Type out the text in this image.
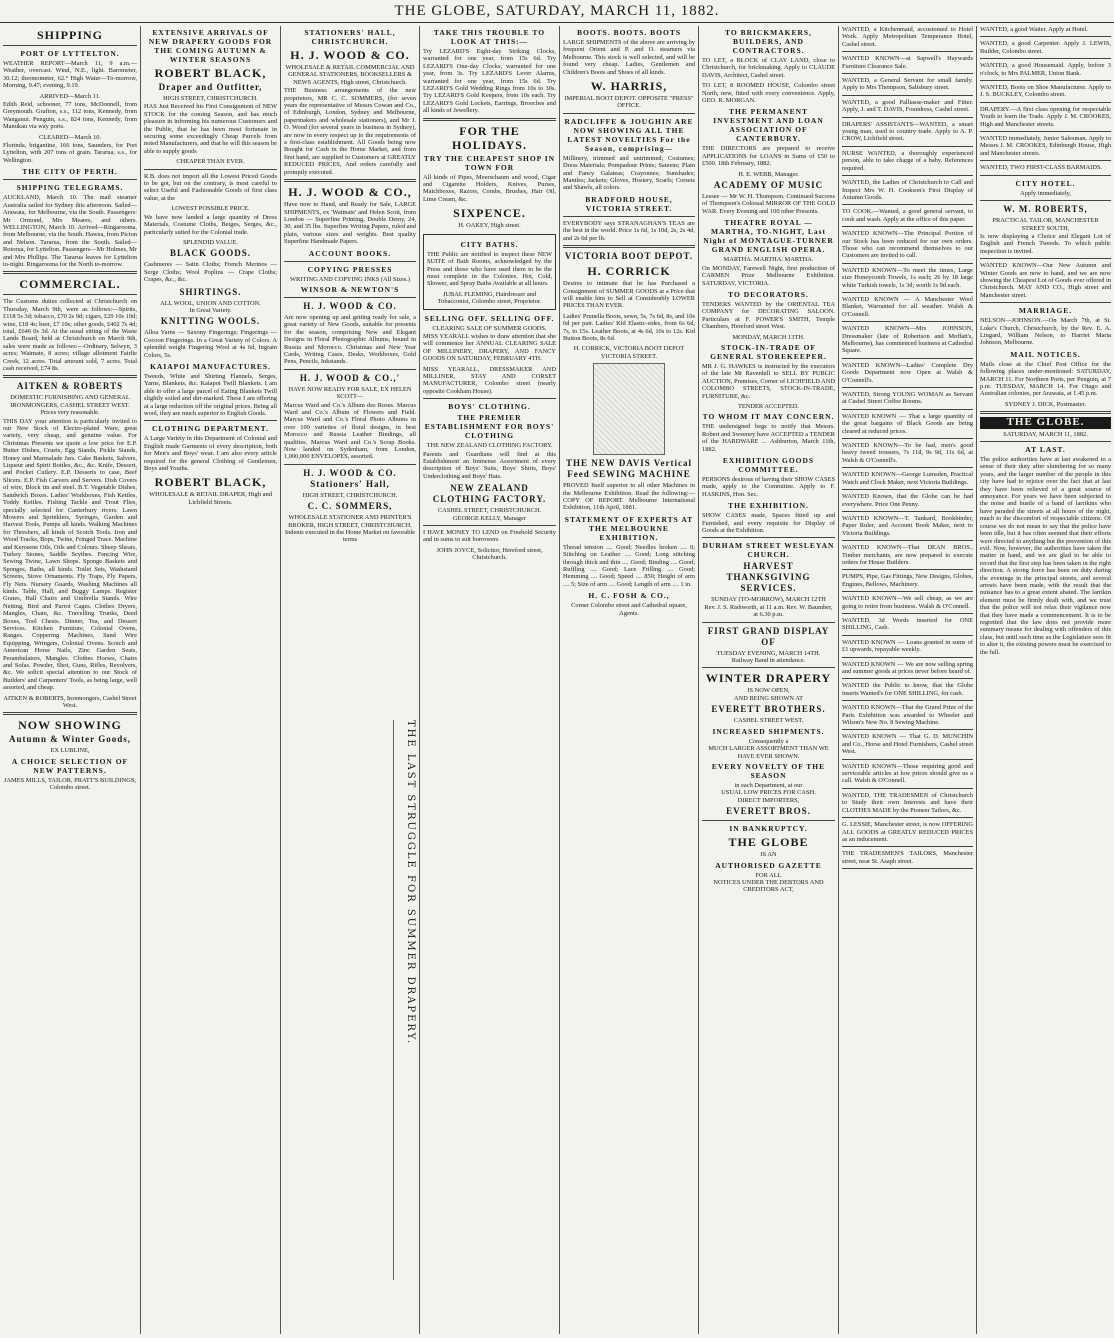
THE GLOBE, SATURDAY, MARCH 11, 1882.
SHIPPING
PORT OF LYTTELTON.
WEATHER REPORT—March 11, 9 a.m.—Weather, overcast. Wind, N.E., light. Barometer, 30.12; thermometer, 62.° High Water—To-morrow, Morning, 9.47; evening, 9.19.
ARRIVED—March 11.
Edith Reid, schooner, 77 tons, McDonnell, from Greymouth. Grafton, s.s., 112 tons, Kennedy, from Wanganui. Penguin, s.s., 824 tons, Kennedy, from Manukau via way ports.
CLEARED—March 10.
Florinda, brigantine, 166 tons, Saunders, for Port Lyttelton, with 207 tons of grain. Tararua, s.s., for Wellington.
THE CITY OF PERTH.
SHIPPING TELEGRAMS.
AUCKLAND, March 10. The mail steamer Australia sailed for Sydney this afternoon. Sailed—Arawata, for Melbourne, via the South. Passengers: Mr Ormond, Mrs Meares, and others. WELLINGTON, March 10. Arrived—Ringarooma, from Melbourne, via the South. Hawea, from Picton and Nelson. Tararua, from the South. Sailed—Rotorua, for Lyttelton. Passengers—Mr Holmes, Mr and Mrs Phillips. The Tararua leaves for Lyttelton to-night. Ringarooma for the North to-morrow.
COMMERCIAL.
The Customs duties collected at Christchurch on Thursday, March 9th, were as follows:—Spirits, £118 5s 3d; tobacco, £70 2s 9d; cigars, £29 10s 10d; wine, £18 4s; beer, £7 10s; other goods, £402 7s 4d; total, £646 0s 3d. At the usual sitting of the Waste Lands Board, held at Christchurch on March 9th, sales were made as follows:—Ordinary, Selwyn, 3 acres; Waimate, 8 acres; village allotment Fairlie Creek, 12 acres. Total amount sold, 7 acres. Total cash received, £74 8s.
AITKEN & ROBERTS
DOMESTIC FURNISHING AND GENERAL IRONMONGERS, CASHEL STREET WEST.
Prices very reasonable.
THIS DAY your attention is particularly invited to our New Stock of Electro-plated Ware, great variety, very cheap, and genuine value. For Christmas Presents we quote a low price for E.P. Butter Dishes, Cruets, Egg Stands, Pickle Stands, Honey and Marmalade Jars. Cake Baskets, Salvers, Liqueur and Spirit Bottles, &c., &c. Knife, Dessert, and Pocket Cutlery. E.P. Desserts to case, Beef Slicers. E.P. Fish Carvers and Servers. Dish Covers of wire, Block tin and steel. B.T. Vegetable Dishes, Sandwich Boxes. Ladies' Workboxes, Fish Kettles, Toddy Kettles. Fishing Tackle and Trout Flies, specially selected for Canterbury rivers. Lawn Mowers and Sprinklers, Syringes, Garden and Harvest Tools, Pumps all kinds. Walking Machines for Threshers, all kinds of Scotch Tools. Iron and Wood Tracks, Bops, Twine, Fringed Trace. Machine and Kerosene Oils, Oils and Colours. Sheep Shears, Turkey Stones, Saddle Scythes. Fencing Wire, Sewing Twine, Lawn Shops. Sponge Baskets and Sponges, Baths, all kinds. Toilet Sets, Washstand Screens, Stove Ornaments. Fly Traps, Fly Papers, Fly Nets. Nursery Guards, Washing Machines all kinds. Table, Hall, and Buggy Lamps. Register Grates, Hall Chairs and Umbrella Stands. Wire Netting, Bird and Parrot Cages. Clothes Dryers, Mangles, Chain, &c. Travelling Trunks, Deed Boxes, Tool Chests. Dinner, Tea, and Dessert Services. Kitchen Furniture, Colonial Ovens, Ranges. Coppering Machines, Sand Wire Equipping, Wringers, Colonial Ovens. Scotch and American Horse Nails, Zinc Garden Seats, Perambulators, Mangles. Clothes Horses, Chairs and Sofas. Powder, Shot, Guns, Rifles, Revolvers, &c. We solicit special attention to our Stock of Builders' and Carpenters' Tools, as being large, well assorted, and cheap.
AITKEN & ROBERTS, Ironmongers, Cashel Street West.
NOW SHOWING
Autumn & Winter Goods,
EX LUBLINE,
A CHOICE SELECTION OF NEW PATTERNS.
JAMES MILLS, TAILOR, PRATT'S BUILDINGS, Colombo street.
EXTENSIVE ARRIVALS OF NEW DRAPERY GOODS FOR THE COMING AUTUMN & WINTER SEASONS
ROBERT BLACK,
Draper and Outfitter,
HIGH STREET, CHRISTCHURCH.
HAS Just Received his First Consignment of NEW STOCK for the coming Season, and has much pleasure in informing his numerous Customers and the Public, that he has been most fortunate in securing some exceedingly Cheap Parcels from noted Manufacturers, and that he will this season be able to supply goods
CHEAPER THAN EVER.
R.B. does not import all the Lowest Priced Goods to be got, but on the contrary, is most careful to select Useful and Fashionable Goods of first class value, at the
LOWEST POSSIBLE PRICE.
We have now landed a large quantity of Dress Materials, Costume Cloths, Beiges, Serges, &c., particularly suited for the Colonial trade.
SPLENDID VALUE.
BLACK GOODS.
Cashmeres — Satin Cloths; French Merinos — Serge Cloths; Wool Poplins — Crape Cloths; Crapes, &c., &c.
SHIRTINGS.
ALL WOOL, UNION AND COTTON.
In Great Variety.
KNITTING WOOLS.
Alloa Yarns — Saxony Fingerings; Fingerings — Cocoon Fingerings. In a Great Variety of Colors. A splendid weight Fingering Wool at 4s 6d, Ingrain Colors, 5s.
KAIAPOI MANUFACTURES.
Tweeds, White and Shirting Flannels, Serges, Yarns, Blankets, &c. Kaiapoi Twill Blankets. I am able to offer a large parcel of Eating Blankets Twill slightly soiled and dirt-marked. These I am offering at a large reduction off the original prices. Being all wool, they are much superior to English Goods.
CLOTHING DEPARTMENT.
A Large Variety in this Department of Colonial and English made Garments of every description, both for Men's and Boys' wear. I am also every article required for the general Clothing of Gentlemen, Boys and Youths.
ROBERT BLACK,
WHOLESALE & RETAIL DRAPER, High and Lichfield Streets.
STATIONERS' HALL, CHRISTCHURCH.
H. J. WOOD & CO.
WHOLESALE & RETAIL COMMERCIAL AND GENERAL STATIONERS, BOOKSELLERS & NEWS AGENTS, High street, Christchurch.
THE Business arrangements of the new proprietors, MR C. C. SOMMERS, (for seven years the representative of Messrs Cowan and Co., of Edinburgh, London, Sydney and Melbourne, papermakers and wholesale stationers), and Mr J. O. Wood (for several years in business in Sydney), are now in every respect up to the requirements of a first-class establishment. All Goods being now Bought for Cash in the Home Market, and from first hand, are supplied to Customers at GREATLY REDUCED PRICES, And orders carefully and promptly executed.
H. J. WOOD & CO.,
Have now to Hand, and Ready for Sale, LARGE SHIPMENTS, ex 'Waimate' and Helen Scott, from London — Superfine Printing, Double Demy, 24, 30, and 35 lbs. Superfine Writing Papers, ruled and plain, various sizes and weights. Best quality Superfine Handmade Papers.
ACCOUNT BOOKS.
COPYING PRESSES
WRITING AND COPYING INKS (All Sizes.)
WINSOR & NEWTON'S
H. J. WOOD & CO.
Are now opening up and getting ready for sale, a great variety of New Goods, suitable for presents for the season, comprising New and Elegant Designs in Floral Photographic Albums, bound in Russia and Morocco. Christmas and New Year Cards, Writing Cases, Desks, Workboxes, Gold Pens, Pencils, Inkstands.
H. J. WOOD & CO.,'
HAVE NOW READY FOR SALE, EX HELEN SCOTT—
Marcus Ward and Co.'s Album des Roses. Marcus Ward and Co.'s Album of Flowers and Field. Marcus Ward and Co.'s Floral Photo Albums in over 100 varieties of floral designs, in best Morocco and Russia Leather Bindings, all qualities. Marcus Ward and Co.'s Scrap Books. Now landed on Sydenham, from London, 1,000,000 ENVELOPES, assorted.
H. J. WOOD & CO. Stationers' Hall,
HIGH STREET, CHRISTCHURCH.
C. C. SOMMERS,
WHOLESALE STATIONER AND PRINTER'S BROKER, HIGH STREET, CHRISTCHURCH.
Indents executed in the Home Market on favorable terms
THE LAST STRUGGLE FOR SUMMER DRAPERY.
TAKE THIS TROUBLE TO LOOK AT THIS:—
Try LEZARD'S Eight-day Striking Clocks, warranted for one year, from 15s 6d. Try LEZARD'S One-day Clocks, warranted for one year, from 3s. Try LEZARD'S Lever Alarms, warranted for one year, from 15s 6d. Try LEZARD'S Gold Wedding Rings from 10s to 30s. Try LEZARD'S Gold Keepers, from 10s each. Try LEZARD'S Gold Lockets, Earrings, Brooches and all kinds of Jewellery.
FOR THE HOLIDAYS.
TRY THE CHEAPEST SHOP IN TOWN FOR
All kinds of Pipes, Meerschaum and wood, Cigar and Cigarette Holders, Knives, Purses, Matchboxes, Razors, Combs, Brushes, Hair Oil, Lime Cream, &c.
SIXPENCE.
H. OAKEY, High street.
CITY BATHS.
THE Public are notified to inspect these NEW SUITE of Bath Rooms, acknowledged by the Press and those who have used them to be the most complete in the Colonies. Hot, Cold, Shower, and Spray Baths Available at all hours.
JUBAL FLEMING, Hairdresser and Tobacconist, Colombo street, Proprietor.
SELLING OFF. SELLING OFF.
CLEARING SALE OF SUMMER GOODS.
MISS YEARALL wishes to draw attention that she will commence her ANNUAL CLEARING SALE OF MILLINERY, DRAPERY, AND FANCY GOODS ON SATURDAY, FEBRUARY 4TH.
MISS YEARALL, DRESSMAKER AND MILLINER, STAY AND CORSET MANUFACTURER, Colombo street (nearly opposite Cookham House).
BOYS' CLOTHING.
THE PREMIER ESTABLISHMENT FOR BOYS' CLOTHING
THE NEW ZEALAND CLOTHING FACTORY.
Parents and Guardians will find at this Establishment an Immense Assortment of every description of Boys' Suits, Boys' Shirts, Boys' Underclothing and Boys' Hats.
NEW ZEALAND CLOTHING FACTORY.
CASHEL STREET, CHRISTCHURCH.
GEORGE KELLY, Manager
I HAVE MONEY TO LEND on Freehold Security and in sums to suit borrowers
JOHN JOYCE, Solicitor, Hereford street, Christchurch.
BOOTS. BOOTS. BOOTS
LARGE SHIPMENTS of the above are arriving by frequent Orient and P. and O. steamers via Melbourne. This stock is well selected, and will be found very cheap. Ladies, Gentlemen and Children's Boots and Shoes of all kinds.
W. HARRIS,
IMPERIAL BOOT DEPOT. OPPOSITE "PRESS" OFFICE.
RADCLIFFE & JOUGHIN ARE NOW SHOWING ALL THE LATEST NOVELTIES For the Season, comprising—
Millinery, trimmed and untrimmed; Costumes; Dress Materials; Pompadour Prints; Sateens; Plain and Fancy Galateas; Crayonnes; Sunshades; Mantles; Jackets; Gloves, Hosiery, Scarfs; Corsets and Shawls, all colors.
BRADFORD HOUSE, VICTORIA STREET.
EVERYBODY says STRANAGHAN'S TEAS are the best in the world. Price 1s 6d, 1s 10d, 2s, 2s 4d, and 2s 6d per lb.
VICTORIA BOOT DEPOT.
H. CORRICK
Desires to intimate that he has Purchased a Consignment of SUMMER GOODS at a Price that will enable him to Sell at Considerably LOWER PRICES THAN EVER.
Ladies' Prunella Boots, sewn, 5s, 7s 6d, 8s, and 10s 6d per pair. Ladies' Kid Elastic-sides, from 6s 6d, 7s, to 15s. Leather Boots, at 4s 6d, 10s to 12s. Kid Button Boots, 8s 6d.
H. CORRICK, VICTORIA BOOT DEPOT VICTORIA STREET.
THE NEW DAVIS Vertical Feed SEWING MACHINE
PROVED Itself superior to all other Machines in the Melbourne Exhibition. Read the following:— COPY OF REPORT. Melbourne International Exhibition, 11th April, 1881.
STATEMENT OF EXPERTS AT THE MELBOURNE EXHIBITION.
Thread tension .... Good; Needles broken .... 0; Stitching on Leather .... Good; Long stitching through thick and thin .... Good; Binding .... Good; Ruffling .... Good; Lace Frilling .... Good; Hemming .... Good; Speed .... 850; Height of arm .... 5; Size of arm .... Good; Length of arm .... 1 in.
H. C. FOSH & CO.,
Corner Colombo street and Cathedral square, Agents.
TO BRICKMAKERS, BUILDERS, AND CONTRACTORS.
TO LET, a BLOCK of CLAY LAND, close to Christchurch, for brickmaking. Apply to CLAUDE DAVIS, Architect, Cashel street.
TO LET, 8 ROOMED HOUSE, Colombo street North, new, fitted with every convenience. Apply, GEO. R. MORGAN.
THE PERMANENT INVESTMENT AND LOAN ASSOCIATION OF CANTERBURY.
THE DIRECTORS are prepared to receive APPLICATIONS for LOANS in Sums of £50 to £500. 18th February, 1882.
H. E. WEBB, Manager.
ACADEMY OF MUSIC
Lessee — Mr W. H. Thompson. Continued Success of Thompson's Colossal MIRROR OF THE GOLD WAR. Every Evening and 100 other Presents.
THEATRE ROYAL — MARTHA, TO-NIGHT, Last Night of MONTAGUE-TURNER GRAND ENGLISH OPERA.
MARTHA. MARTHA. MARTHA.
On MONDAY, Farewell Night, first production of CARMEN Prize Melbourne Exhibition. SATURDAY, VICTORIA.
TO DECORATORS.
TENDERS WANTED by the ORIENTAL TEA COMPANY for DECORATING SALOON. Particulars at F. POWER'S SMITH, Temple Chambers, Hereford street West.
MONDAY, MARCH 13TH.
STOCK-IN-TRADE OF GENERAL STOREKEEPER.
MR J. G. HAWKES is instructed by the executors of the late Mr Ravenhill to SELL BY PUBLIC AUCTION, Premises, Corner of LICHFIELD AND COLOMBO STREETS, STOCK-IN-TRADE, FURNITURE, &c.
TENDER ACCEPTED.
TO WHOM IT MAY CONCERN.
THE undersigned begs to notify that Messrs. Robert and Sweeney have ACCEPTED a TENDER of the HARDWARE ... Ashburton, March 11th, 1882.
EXHIBITION GOODS COMMITTEE.
PERSONS desirous of having their SHOW CASES made, apply to the Committee. Apply to F. HASKINS, Hon. Sec.
THE EXHIBITION.
SHOW CASES made, Spaces fitted up and Furnished, and every requisite for Display of Goods at the Exhibition.
DURHAM STREET WESLEYAN CHURCH.
HARVEST THANKSGIVING SERVICES.
SUNDAY (TO-MORROW), MARCH 12TH
Rev. J. S. Rishworth, at 11 a.m. Rev. W. Baumber, at 6.30 p.m.
FIRST GRAND DISPLAY OF
TUESDAY EVENING, MARCH 14TH.
Railway Band in attendance.
WINTER DRAPERY
IS NOW OPEN,
AND BEING SHOWN AT
EVERETT BROTHERS.
CASHEL STREET WEST.
INCREASED SHIPMENTS.
Consequently a
MUCH LARGER ASSORTMENT THAN WE HAVE EVER SHOWN.
EVERY NOVELTY OF THE SEASON
in each Department, at our
USUAL LOW PRICES FOR CASH.
DIRECT IMPORTERS,
EVERETT BROS.
IN BANKRUPTCY.
THE GLOBE
IS AN
AUTHORISED GAZETTE
FOR ALL
NOTICES UNDER THE DEBTORS AND CREDITORS ACT,
WANTED, a Kitchenmaid, accustomed to Hotel Work. Apply Metropolitan Temperance Hotel, Cashel street.
WANTED KNOWN—at Sapwell's Haywards Furniture Clearance Sale.
WANTED, a General Servant for small family. Apply to Mrs Thompson, Salisbury street.
WANTED, a good Palliasse-maker and Fitter. Apply, J. and T. DAVIS, Foundress, Cashel street.
DRAPERS' ASSISTANTS—WANTED, a smart young man, used to country trade. Apply to A. P. CROW, Lichfield street.
NURSE WANTED, a thoroughly experienced person, able to take charge of a baby. References required.
WANTED, the Ladies of Christchurch to Call and Inspect Mrs W. H. Cookson's First Display of Autumn Goods.
TO COOK.—Wanted, a good general servant, to cook and wash. Apply at the office of this paper.
WANTED KNOWN—The Principal Portion of our Stock has been reduced for our own orders. Those who can recommend themselves to our Customers are invited to call.
WANTED KNOWN—To meet the times, Large size Honeycomb Towels, 1s each; 26 by 18 large white Turkish towels, 1s 3d; worth 1s 9d each.
WANTED KNOWN — A Manchester Wool Blanket, Warranted for all weather. Walsh & O'Connell.
WANTED KNOWN—Mrs JOHNSON, Dressmaker (late of Robertson and Moffatt's, Melbourne), has commenced business at Cathedral Square.
WANTED KNOWN—Ladies' Complete Dry Goods Department now Open at Walsh & O'Connell's.
WANTED, Strong YOUNG WOMAN as Servant at Cashel Street Coffee Rooms.
WANTED KNOWN — That a large quantity of the great bargains of Black Goods are being cleared at reduced prices.
WANTED KNOWN—To be had, men's good heavy tweed trousers, 7s 11d, 9s 9d, 11s 6d, at Walsh & O'Connell's.
WANTED KNOWN—George Lumsden, Practical Watch and Clock Maker, next Victoria Buildings.
WANTED Known, that the Globe can be had everywhere. Price One Penny.
WANTED KNOWN—T. Tankard, Bookbinder, Paper Ruler, and Account Book Maker, next to Victoria Buildings.
WANTED KNOWN—That DEAN BROS., Timber merchants, are now prepared to execute orders for House Builders.
PUMPS, Pipe, Gas Fittings, New Designs, Globes, Engines, Bellows, Machinery.
WANTED KNOWN—We sell cheap, as we are going to retire from business. Walsh & O'Connell.
WANTED, 3d Words inserted for ONE SHILLING, Cash.
WANTED KNOWN — Loans granted in sums of £1 upwards, repayable weekly.
WANTED KNOWN — We are now selling spring and summer goods at prices never before heard of.
WANTED the Public to know, that the Globe inserts Wanted's for ONE SHILLING, for cash.
WANTED KNOWN—That the Grand Prize of the Paris Exhibition was awarded to Wheeler and Wilson's New No. 8 Sewing Machine.
WANTED KNOWN — That G. D. MUNCHIN and Co., Horse and Hotel Furnishers, Cashel street West.
WANTED KNOWN—Those requiring good and serviceable articles at low prices should give us a call. Walsh & O'Connell.
WANTED, THE TRADESMEN of Christchurch to Study their own Interests and have their CLOTHES MADE by the Pioneer Tailors, &c.
G. LESSIE, Manchester street, is now OFFERING ALL GOODS at GREATLY REDUCED PRICES as an inducement.
THE TRADESMEN'S TAILORS, Manchester street, near St. Asaph street.
WANTED, a good Waiter. Apply at Hotel.
WANTED, a good Carpenter. Apply J. LEWIS, Builder, Colombo street.
WANTED, a good Housemaid. Apply, before 3 o'clock, to Mrs PALMER, Union Bank.
WANTED, Boots on Shoe Manufacturer. Apply to J. S. BUCKLEY, Colombo street.
DRAPERY.—A first class opening for respectable Youth to learn the Trade. Apply J. M. CROOKES, High and Manchester streets.
WANTED immediately, Junior Salesman. Apply to Messrs J. M. CROOKES, Edinburgh House, High and Manchester streets.
WANTED, TWO FIRST-CLASS BARMAIDS.
CITY HOTEL.
Apply immediately,
W. M. ROBERTS,
PRACTICAL TAILOR, MANCHESTER STREET SOUTH,
Is now displaying a Choice and Elegant Lot of English and French Tweeds. To which public inspection is invited.
WANTED KNOWN—Our New Autumn and Winter Goods are now to hand, and we are now showing the Cheapest Lot of Goods ever offered in Christchurch. MAY AND CO., High street and Manchester street.
MARRIAGE.
NELSON—JOHNSON.—On March 7th, at St. Luke's Church, Christchurch, by the Rev. E. A. Lingard, William Nelson, to Harriet Maria Johnson, Melbourne.
MAIL NOTICES.
Mails close at the Chief Post Office for the following places under-mentioned: SATURDAY, MARCH 11. For Northern Ports, per Penguin, at 7 p.m. TUESDAY, MARCH 14. For Otago and Australian colonies, per Arawata, at 1.45 p.m.
SYDNEY J. DICK, Postmaster.
THE GLOBE.
SATURDAY, MARCH 11, 1882.
AT LAST.
The police authorities have at last awakened to a sense of their duty after slumbering for so many years, and the larger number of the people in this city have had to rejoice over the fact that at last they have been relieved of a great source of annoyance. For years we have been subjected to the noise and bustle of a band of larrikins who have paraded the streets at all hours of the night, much to the discomfort of respectable citizens. Of course we do not mean to say that the police have been idle, but it has often seemed that their efforts were directed to anything but the prevention of this evil. Now, however, the authorities have taken the matter in hand, and we are glad to be able to record that the first step has been taken in the right direction. A strong force has been on duty during the evenings in the principal streets, and several arrests have been made, with the result that the nuisance has to a great extent abated. The larrikin element must be firmly dealt with, and we trust that the police will not relax their vigilance now that they have made a commencement. It is to be regretted that the law does not provide more summary means for dealing with offenders of this class, but until such time as the Legislature sees fit to alter it, the existing powers must be exercised to the full.
